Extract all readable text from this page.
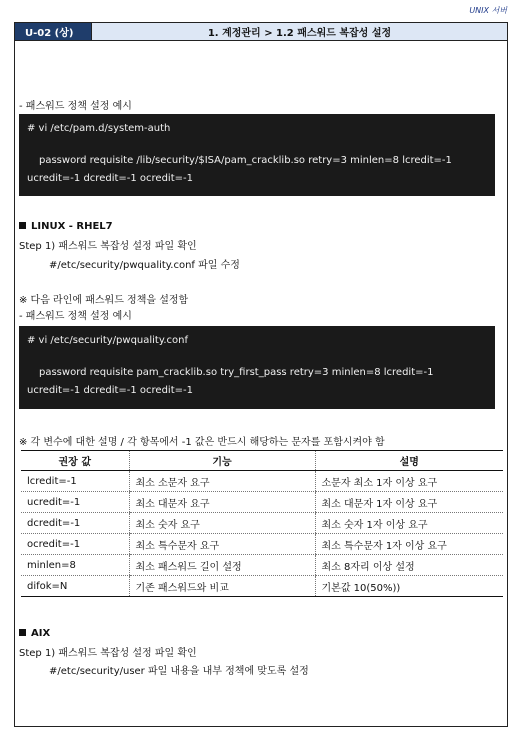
UNIX 서버
U-02 (상)	1. 계정관리 > 1.2 패스워드 복잡성 설정
- 패스워드 정책 설정 예시
# vi /etc/pam.d/system-auth
password requisite /lib/security/$ISA/pam_cracklib.so retry=3 minlen=8 lcredit=-1
ucredit=-1 dcredit=-1 ocredit=-1
LINUX - RHEL7
Step 1) 패스워드 복잡성 설정 파일 확인
#/etc/security/pwquality.conf 파일 수정
※ 다음 라인에 패스워드 정책을 설정함
- 패스워드 정책 설정 예시
# vi /etc/security/pwquality.conf
password requisite pam_cracklib.so try_first_pass retry=3 minlen=8 lcredit=-1
ucredit=-1 dcredit=-1 ocredit=-1
※ 각 변수에 대한 설명 / 각 항목에서 -1 값은 반드시 해당하는 문자를 포함시켜야 함
권장 값	기능	설명
lcredit=-1	최소 소문자 요구	소문자 최소 1자 이상 요구
ucredit=-1	최소 대문자 요구	최소 대문자 1자 이상 요구
dcredit=-1	최소 숫자 요구	최소 숫자 1자 이상 요구
ocredit=-1	최소 특수문자 요구	최소 특수문자 1자 이상 요구
minlen=8	최소 패스워드 길이 설정	최소 8자리 이상 설정
difok=N	기존 패스워드와 비교	기본값 10(50%))
AIX
Step 1) 패스워드 복잡성 설정 파일 확인
#/etc/security/user 파일 내용을 내부 정책에 맞도록 설정
